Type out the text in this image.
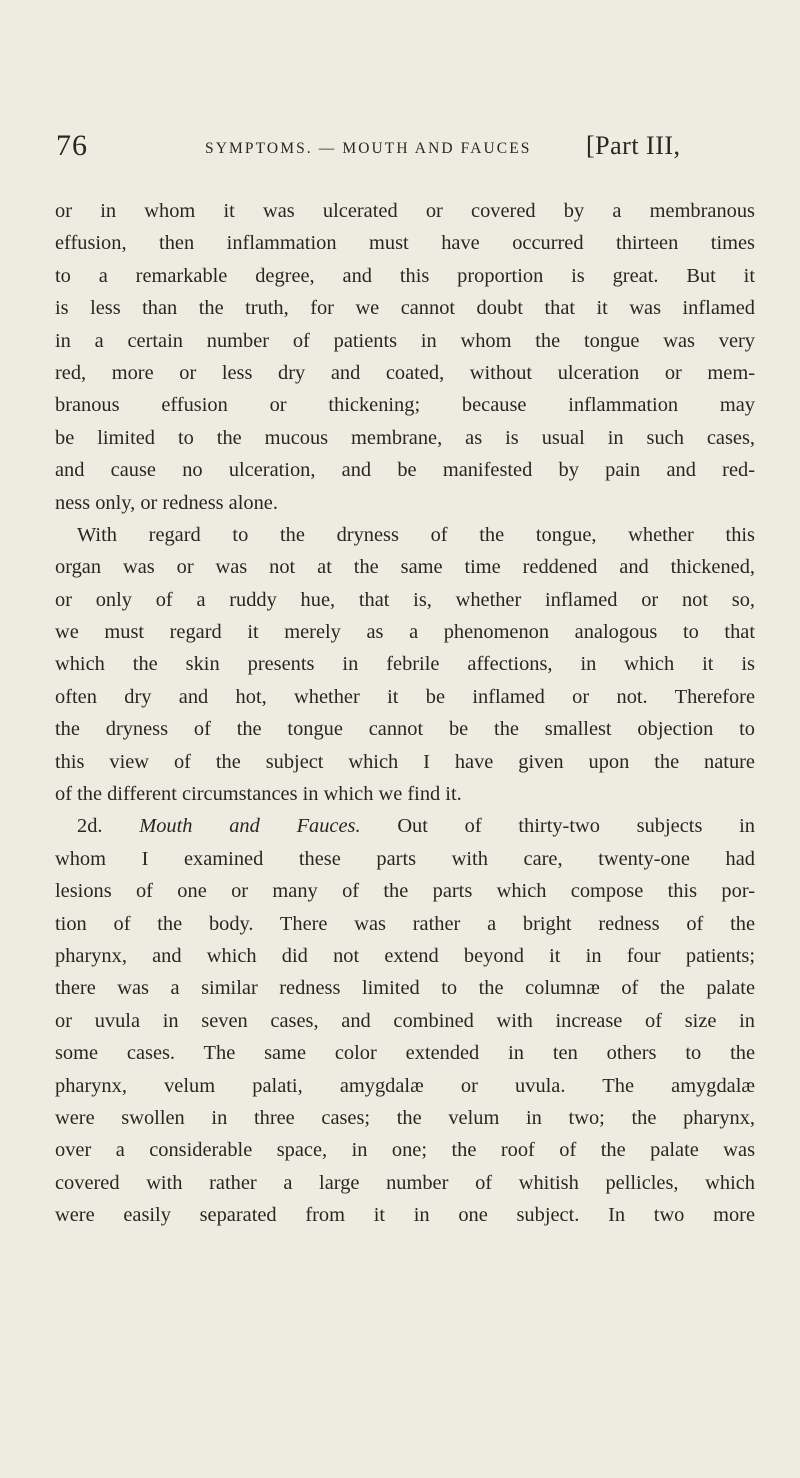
76	SYMPTOMS. — MOUTH AND FAUCES [Part III,
or in whom it was ulcerated or covered by a membranous
effusion, then inflammation must have occurred thirteen times
to a remarkable degree, and this proportion is great. But it
is less than the truth, for we cannot doubt that it was inflamed
in a certain number of patients in whom the tongue was very
red, more or less dry and coated, without ulceration or mem-
branous effusion or thickening; because inflammation may
be limited to the mucous membrane, as is usual in such cases,
and cause no ulceration, and be manifested by pain and red-
ness only, or redness alone.
With regard to the dryness of the tongue, whether this
organ was or was not at the same time reddened and thickened,
or only of a ruddy hue, that is, whether inflamed or not so,
we must regard it merely as a phenomenon analogous to that
which the skin presents in febrile affections, in which it is
often dry and hot, whether it be inflamed or not. Therefore
the dryness of the tongue cannot be the smallest objection to
this view of the subject which I have given upon the nature
of the different circumstances in which we find it.
2d. Mouth and Fauces. Out of thirty-two subjects in
whom I examined these parts with care, twenty-one had
lesions of one or many of the parts which compose this por-
tion of the body. There was rather a bright redness of the
pharynx, and which did not extend beyond it in four patients;
there was a similar redness limited to the columnæ of the palate
or uvula in seven cases, and combined with increase of size in
some cases. The same color extended in ten others to the
pharynx, velum palati, amygdalæ or uvula. The amygdalæ
were swollen in three cases; the velum in two; the pharynx,
over a considerable space, in one; the roof of the palate was
covered with rather a large number of whitish pellicles, which
were easily separated from it in one subject. In two more
